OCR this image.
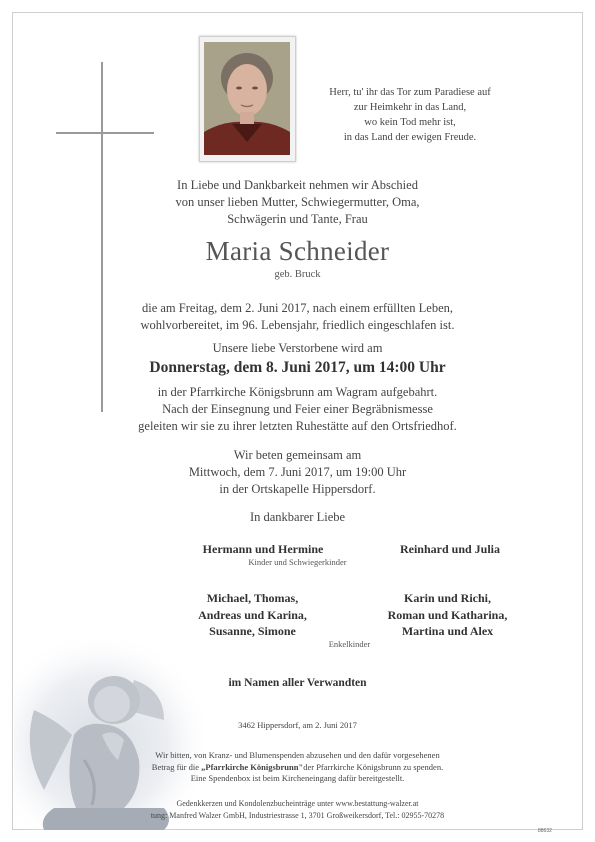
Herr, tu' ihr das Tor zum Paradiese auf
zur Heimkehr in das Land,
wo kein Tod mehr ist,
in das Land der ewigen Freude.
In Liebe und Dankbarkeit nehmen wir Abschied
von unser lieben Mutter, Schwiegermutter, Oma,
Schwägerin und Tante, Frau
Maria Schneider
geb. Bruck
die am Freitag, dem 2. Juni 2017, nach einem erfüllten Leben,
wohlvorbereitet, im 96. Lebensjahr, friedlich eingeschlafen ist.
Unsere liebe Verstorbene wird am
Donnerstag, dem 8. Juni 2017, um 14:00 Uhr
in der Pfarrkirche Königsbrunn am Wagram aufgebahrt.
Nach der Einsegnung und Feier einer Begräbnismesse
geleiten wir sie zu ihrer letzten Ruhestätte auf den Ortsfriedhof.
Wir beten gemeinsam am
Mittwoch, dem 7. Juni 2017, um 19:00 Uhr
in der Ortskapelle Hippersdorf.
In dankbarer Liebe
Hermann und Hermine	Reinhard und Julia
Kinder und Schwiegerkinder
Michael, Thomas,
Andreas und Karina,
Susanne, Simone
Karin und Richi,
Roman und Katharina,
Martina und Alex
Enkelkinder
im Namen aller Verwandten
3462 Hippersdorf, am 2. Juni 2017
Wir bitten, von Kranz- und Blumenspenden abzusehen und den dafür vorgesehenen
Betrag für die „Pfarrkirche Königsbrunn"der Pfarrkirche Königsbrunn zu spenden.
Eine Spendenbox ist beim Kircheneingang dafür bereitgestellt.
Gedenkkerzen und Kondolenzbucheinträge unter www.bestattung-walzer.at
tung: Manfred Walzer GmbH, Industriestrasse 1, 3701 Großweikersdorf, Tel.: 02955-70278
88632
